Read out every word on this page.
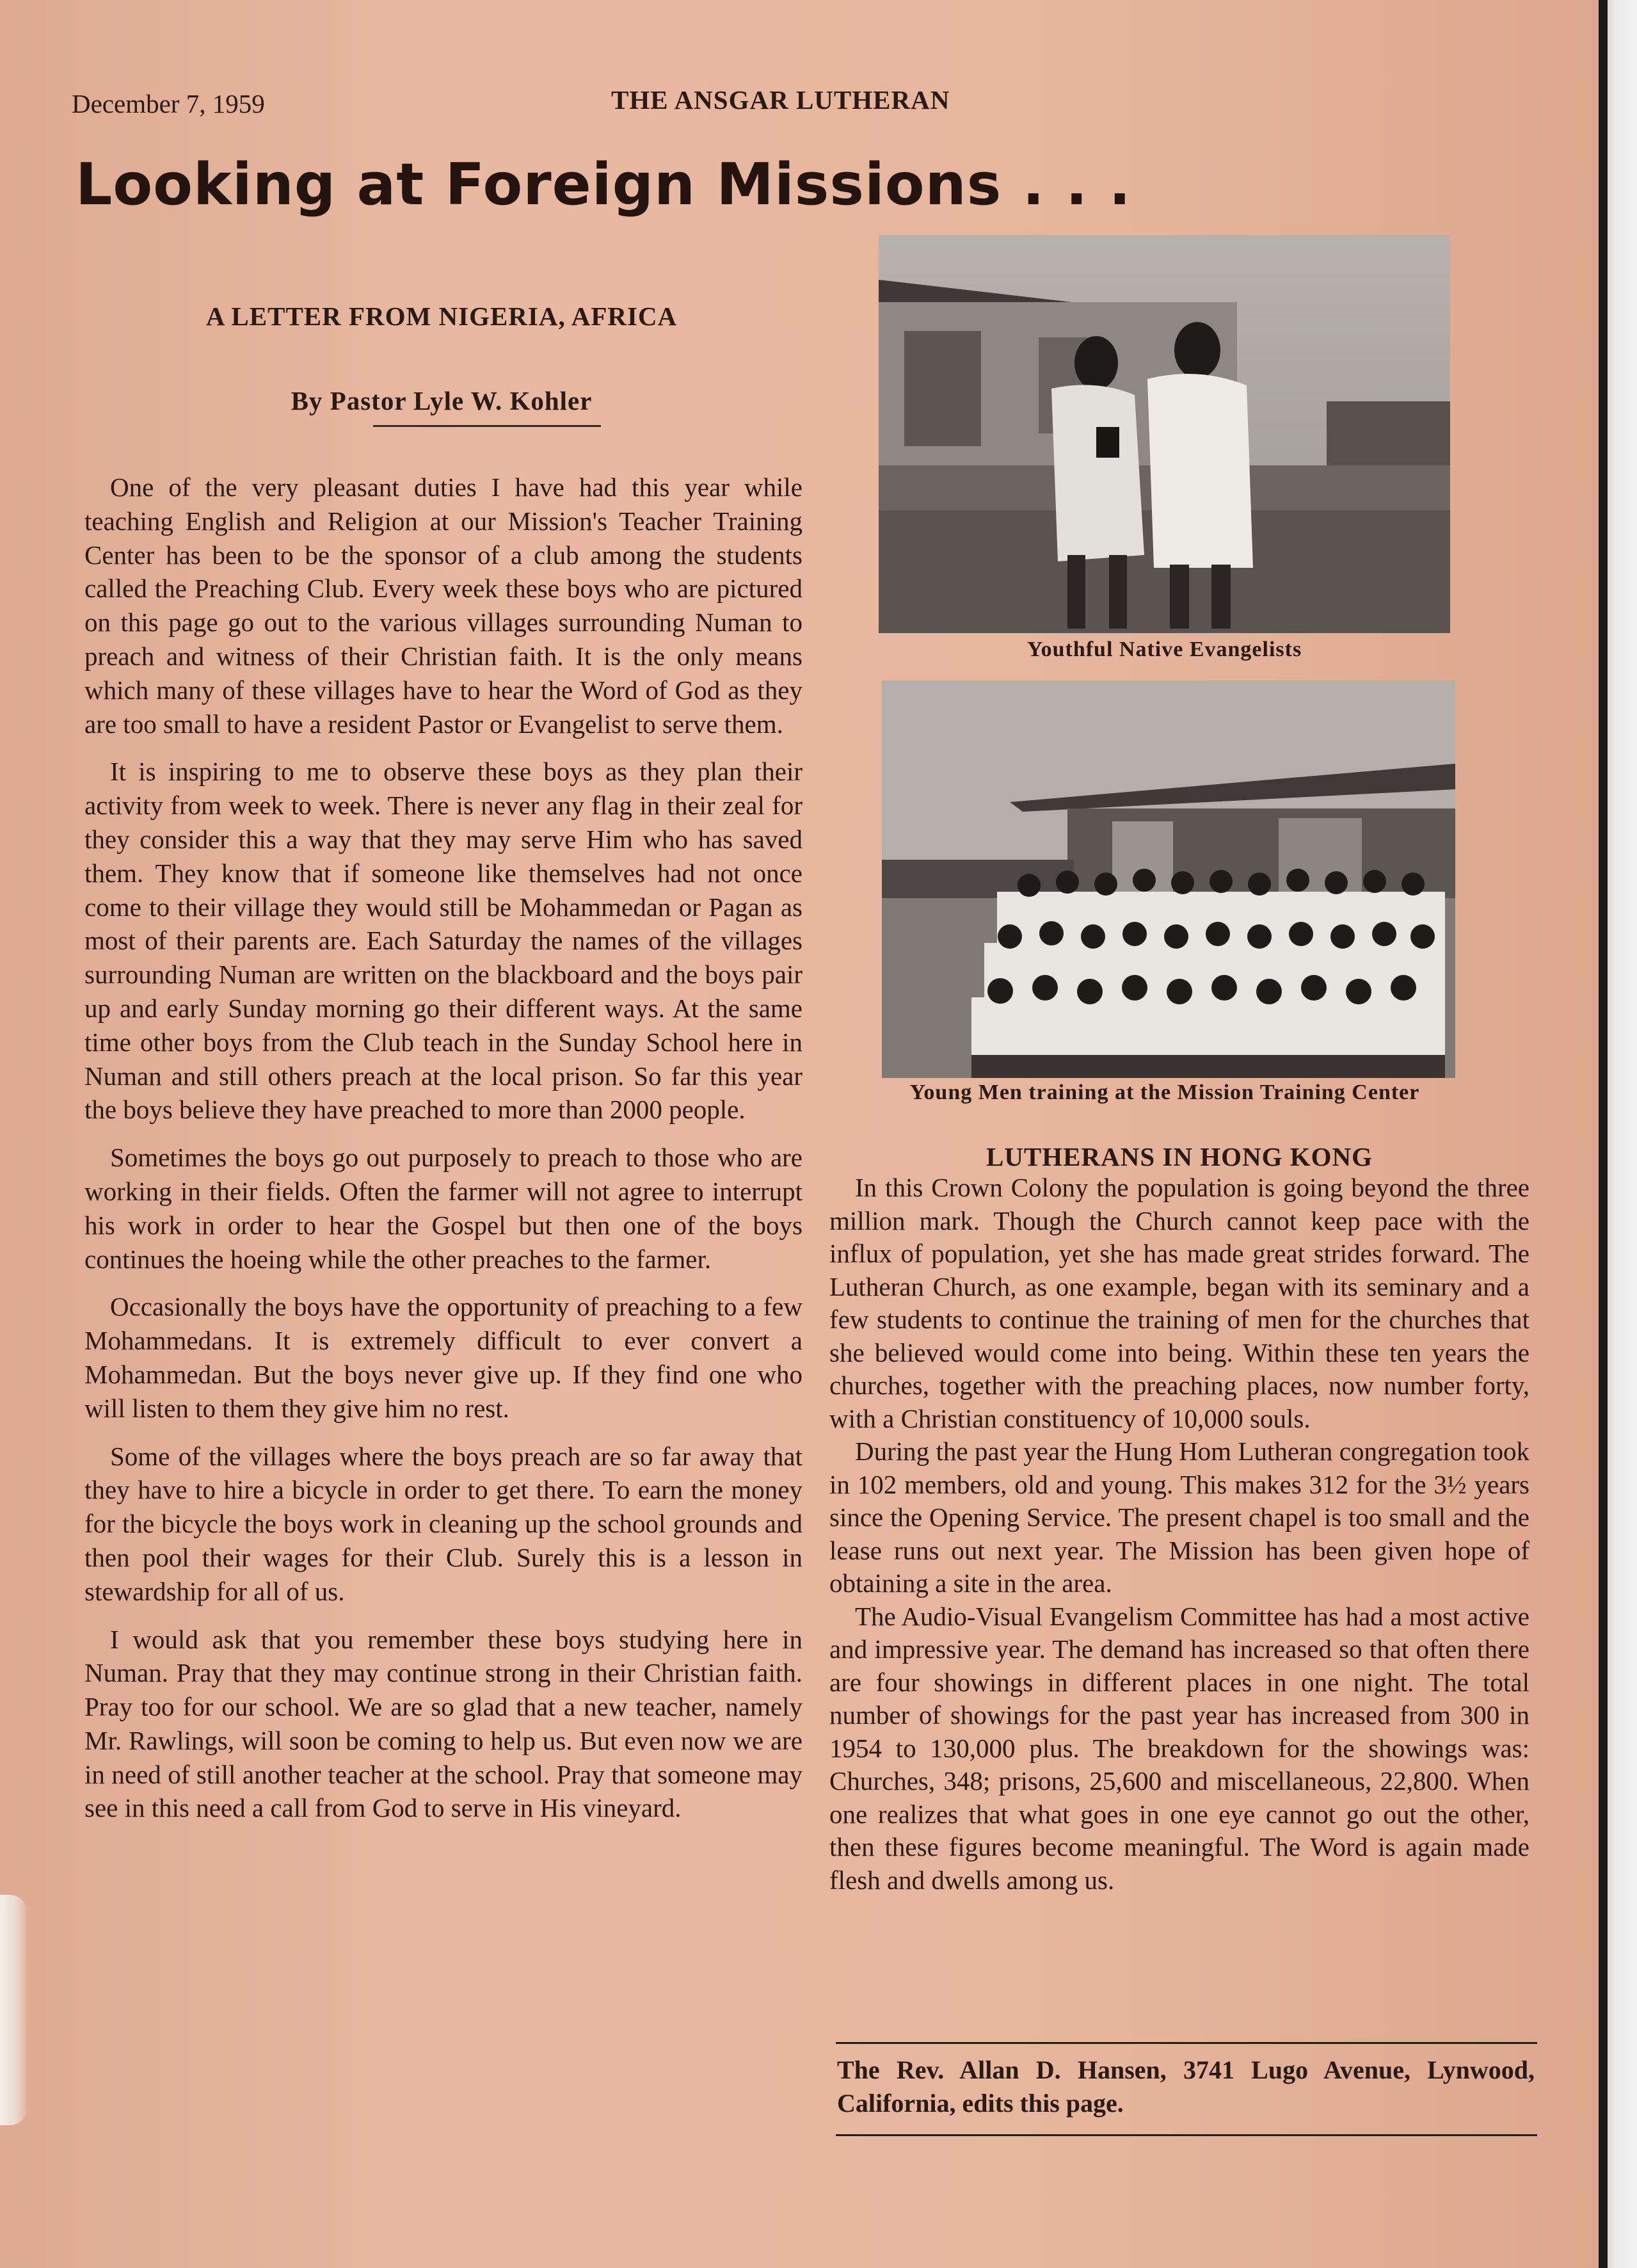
December 7, 1959	THE ANSGAR LUTHERAN
Looking at Foreign Missions . . .
A LETTER FROM NIGERIA, AFRICA
By Pastor Lyle W. Kohler

One of the very pleasant duties I have had this year while teaching English and Religion at our Mission's Teacher Training Center has been to be the sponsor of a club among the students called the Preaching Club. Every week these boys who are pictured on this page go out to the various villages surrounding Numan to preach and witness of their Christian faith. It is the only means which many of these villages have to hear the Word of God as they are too small to have a resident Pastor or Evangelist to serve them.

It is inspiring to me to observe these boys as they plan their activity from week to week. There is never any flag in their zeal for they consider this a way that they may serve Him who has saved them. They know that if someone like themselves had not once come to their village they would still be Mohammedan or Pagan as most of their parents are. Each Saturday the names of the villages surrounding Numan are written on the blackboard and the boys pair up and early Sunday morning go their different ways. At the same time other boys from the Club teach in the Sunday School here in Numan and still others preach at the local prison. So far this year the boys believe they have preached to more than 2000 people.

Sometimes the boys go out purposely to preach to those who are working in their fields. Often the farmer will not agree to interrupt his work in order to hear the Gospel but then one of the boys continues the hoeing while the other preaches to the farmer.

Occasionally the boys have the opportunity of preaching to a few Mohammedans. It is extremely difficult to ever convert a Mohammedan. But the boys never give up. If they find one who will listen to them they give him no rest.

Some of the villages where the boys preach are so far away that they have to hire a bicycle in order to get there. To earn the money for the bicycle the boys work in cleaning up the school grounds and then pool their wages for their Club. Surely this is a lesson in stewardship for all of us.

I would ask that you remember these boys studying here in Numan. Pray that they may continue strong in their Christian faith. Pray too for our school. We are so glad that a new teacher, namely Mr. Rawlings, will soon be coming to help us. But even now we are in need of still another teacher at the school. Pray that someone may see in this need a call from God to serve in His vineyard.

Youthful Native Evangelists
Young Men training at the Mission Training Center
LUTHERANS IN HONG KONG

In this Crown Colony the population is going beyond the three million mark. Though the Church cannot keep pace with the influx of population, yet she has made great strides forward. The Lutheran Church, as one example, began with its seminary and a few students to continue the training of men for the churches that she believed would come into being. Within these ten years the churches, together with the preaching places, now number forty, with a Christian constituency of 10,000 souls.

During the past year the Hung Hom Lutheran congregation took in 102 members, old and young. This makes 312 for the 3½ years since the Opening Service. The present chapel is too small and the lease runs out next year. The Mission has been given hope of obtaining a site in the area.

The Audio-Visual Evangelism Committee has had a most active and impressive year. The demand has increased so that often there are four showings in different places in one night. The total number of showings for the past year has increased from 300 in 1954 to 130,000 plus. The breakdown for the showings was: Churches, 348; prisons, 25,600 and miscellaneous, 22,800. When one realizes that what goes in one eye cannot go out the other, then these figures become meaningful. The Word is again made flesh and dwells among us.

The Rev. Allan D. Hansen, 3741 Lugo Avenue, Lynwood, California, edits this page.
